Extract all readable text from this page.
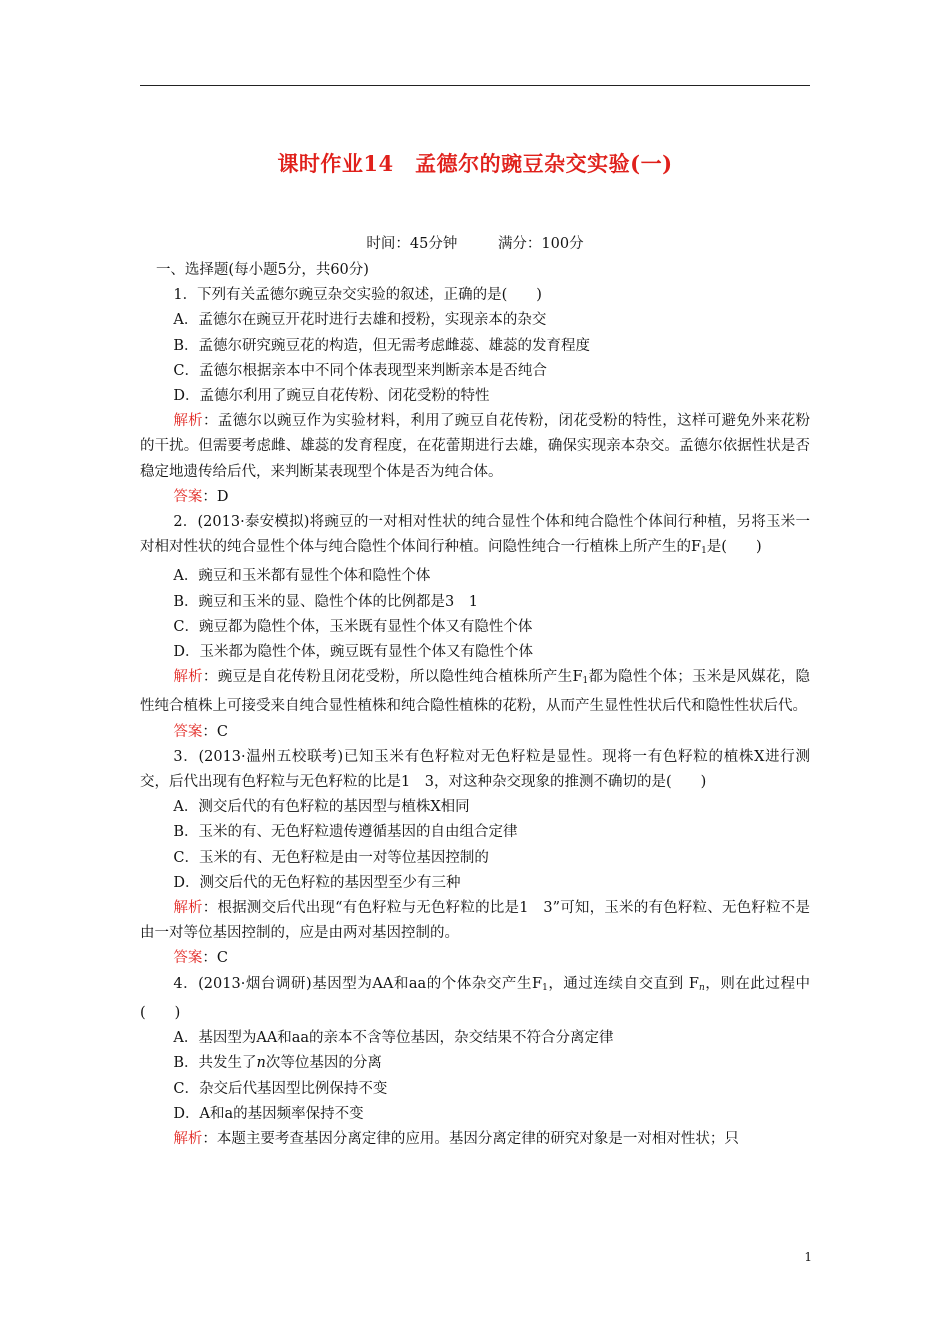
课时作业14　孟德尔的豌豆杂交实验(一)
时间：45分钟	满分：100分

一、选择题(每小题5分，共60分)

1．下列有关孟德尔豌豆杂交实验的叙述，正确的是(　　)

A．孟德尔在豌豆开花时进行去雄和授粉，实现亲本的杂交

B．孟德尔研究豌豆花的构造，但无需考虑雌蕊、雄蕊的发育程度

C．孟德尔根据亲本中不同个体表现型来判断亲本是否纯合

D．孟德尔利用了豌豆自花传粉、闭花受粉的特性

解析：孟德尔以豌豆作为实验材料，利用了豌豆自花传粉，闭花受粉的特性，这样可避免外来花粉的干扰。但需要考虑雌、雄蕊的发育程度，在花蕾期进行去雄，确保实现亲本杂交。孟德尔依据性状是否稳定地遗传给后代，来判断某表现型个体是否为纯合体。

答案：D

2．(2013·泰安模拟)将豌豆的一对相对性状的纯合显性个体和纯合隐性个体间行种植，另将玉米一对相对性状的纯合显性个体与纯合隐性个体间行种植。问隐性纯合一行植株上所产生的$F_1$是(　　)

A．豌豆和玉米都有显性个体和隐性个体

B．豌豆和玉米的显、隐性个体的比例都是3　1

C．豌豆都为隐性个体，玉米既有显性个体又有隐性个体

D．玉米都为隐性个体，豌豆既有显性个体又有隐性个体

解析：豌豆是自花传粉且闭花受粉，所以隐性纯合植株所产生$F_1$都为隐性个体；玉米是风媒花，隐性纯合植株上可接受来自纯合显性植株和纯合隐性植株的花粉，从而产生显性性状后代和隐性性状后代。

答案：C

3．(2013·温州五校联考)已知玉米有色籽粒对无色籽粒是显性。现将一有色籽粒的植株X进行测交，后代出现有色籽粒与无色籽粒的比是1　3，对这种杂交现象的推测不确切的是(　　)

A．测交后代的有色籽粒的基因型与植株X相同

B．玉米的有、无色籽粒遗传遵循基因的自由组合定律

C．玉米的有、无色籽粒是由一对等位基因控制的

D．测交后代的无色籽粒的基因型至少有三种

解析：根据测交后代出现“有色籽粒与无色籽粒的比是1　3”可知，玉米的有色籽粒、无色籽粒不是由一对等位基因控制的，应是由两对基因控制的。

答案：C

4．(2013·烟台调研)基因型为AA和aa的个体杂交产生$F_1$，通过连续自交直到 $F_n$，则在此过程中(　　)

A．基因型为AA和aa的亲本不含等位基因，杂交结果不符合分离定律

B．共发生了n次等位基因的分离

C．杂交后代基因型比例保持不变

D．A和a的基因频率保持不变

解析：本题主要考查基因分离定律的应用。基因分离定律的研究对象是一对相对性状；只

1
